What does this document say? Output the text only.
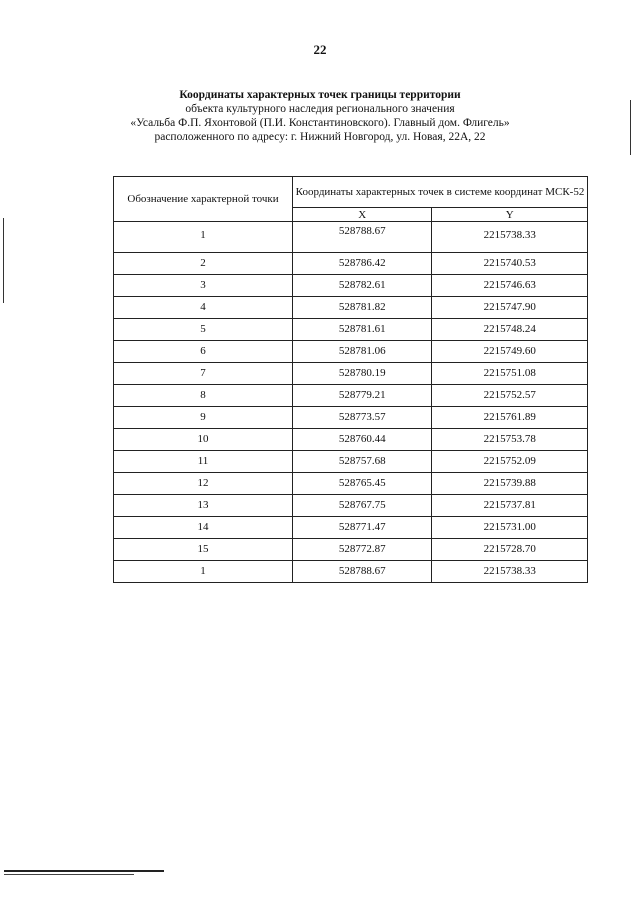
22
Координаты характерных точек границы территории
объекта культурного наследия регионального значения
«Усальба Ф.П. Яхонтовой (П.И. Константиновского). Главный дом. Флигель»
расположенного по адресу: г. Нижний Новгород, ул. Новая, 22А, 22
Обозначение характерной точки	Координаты характерных точек в системе координат МСК-52	
	X	Y
1	528788.67	2215738.33
2	528786.42	2215740.53
3	528782.61	2215746.63
4	528781.82	2215747.90
5	528781.61	2215748.24
6	528781.06	2215749.60
7	528780.19	2215751.08
8	528779.21	2215752.57
9	528773.57	2215761.89
10	528760.44	2215753.78
11	528757.68	2215752.09
12	528765.45	2215739.88
13	528767.75	2215737.81
14	528771.47	2215731.00
15	528772.87	2215728.70
1	528788.67	2215738.33
